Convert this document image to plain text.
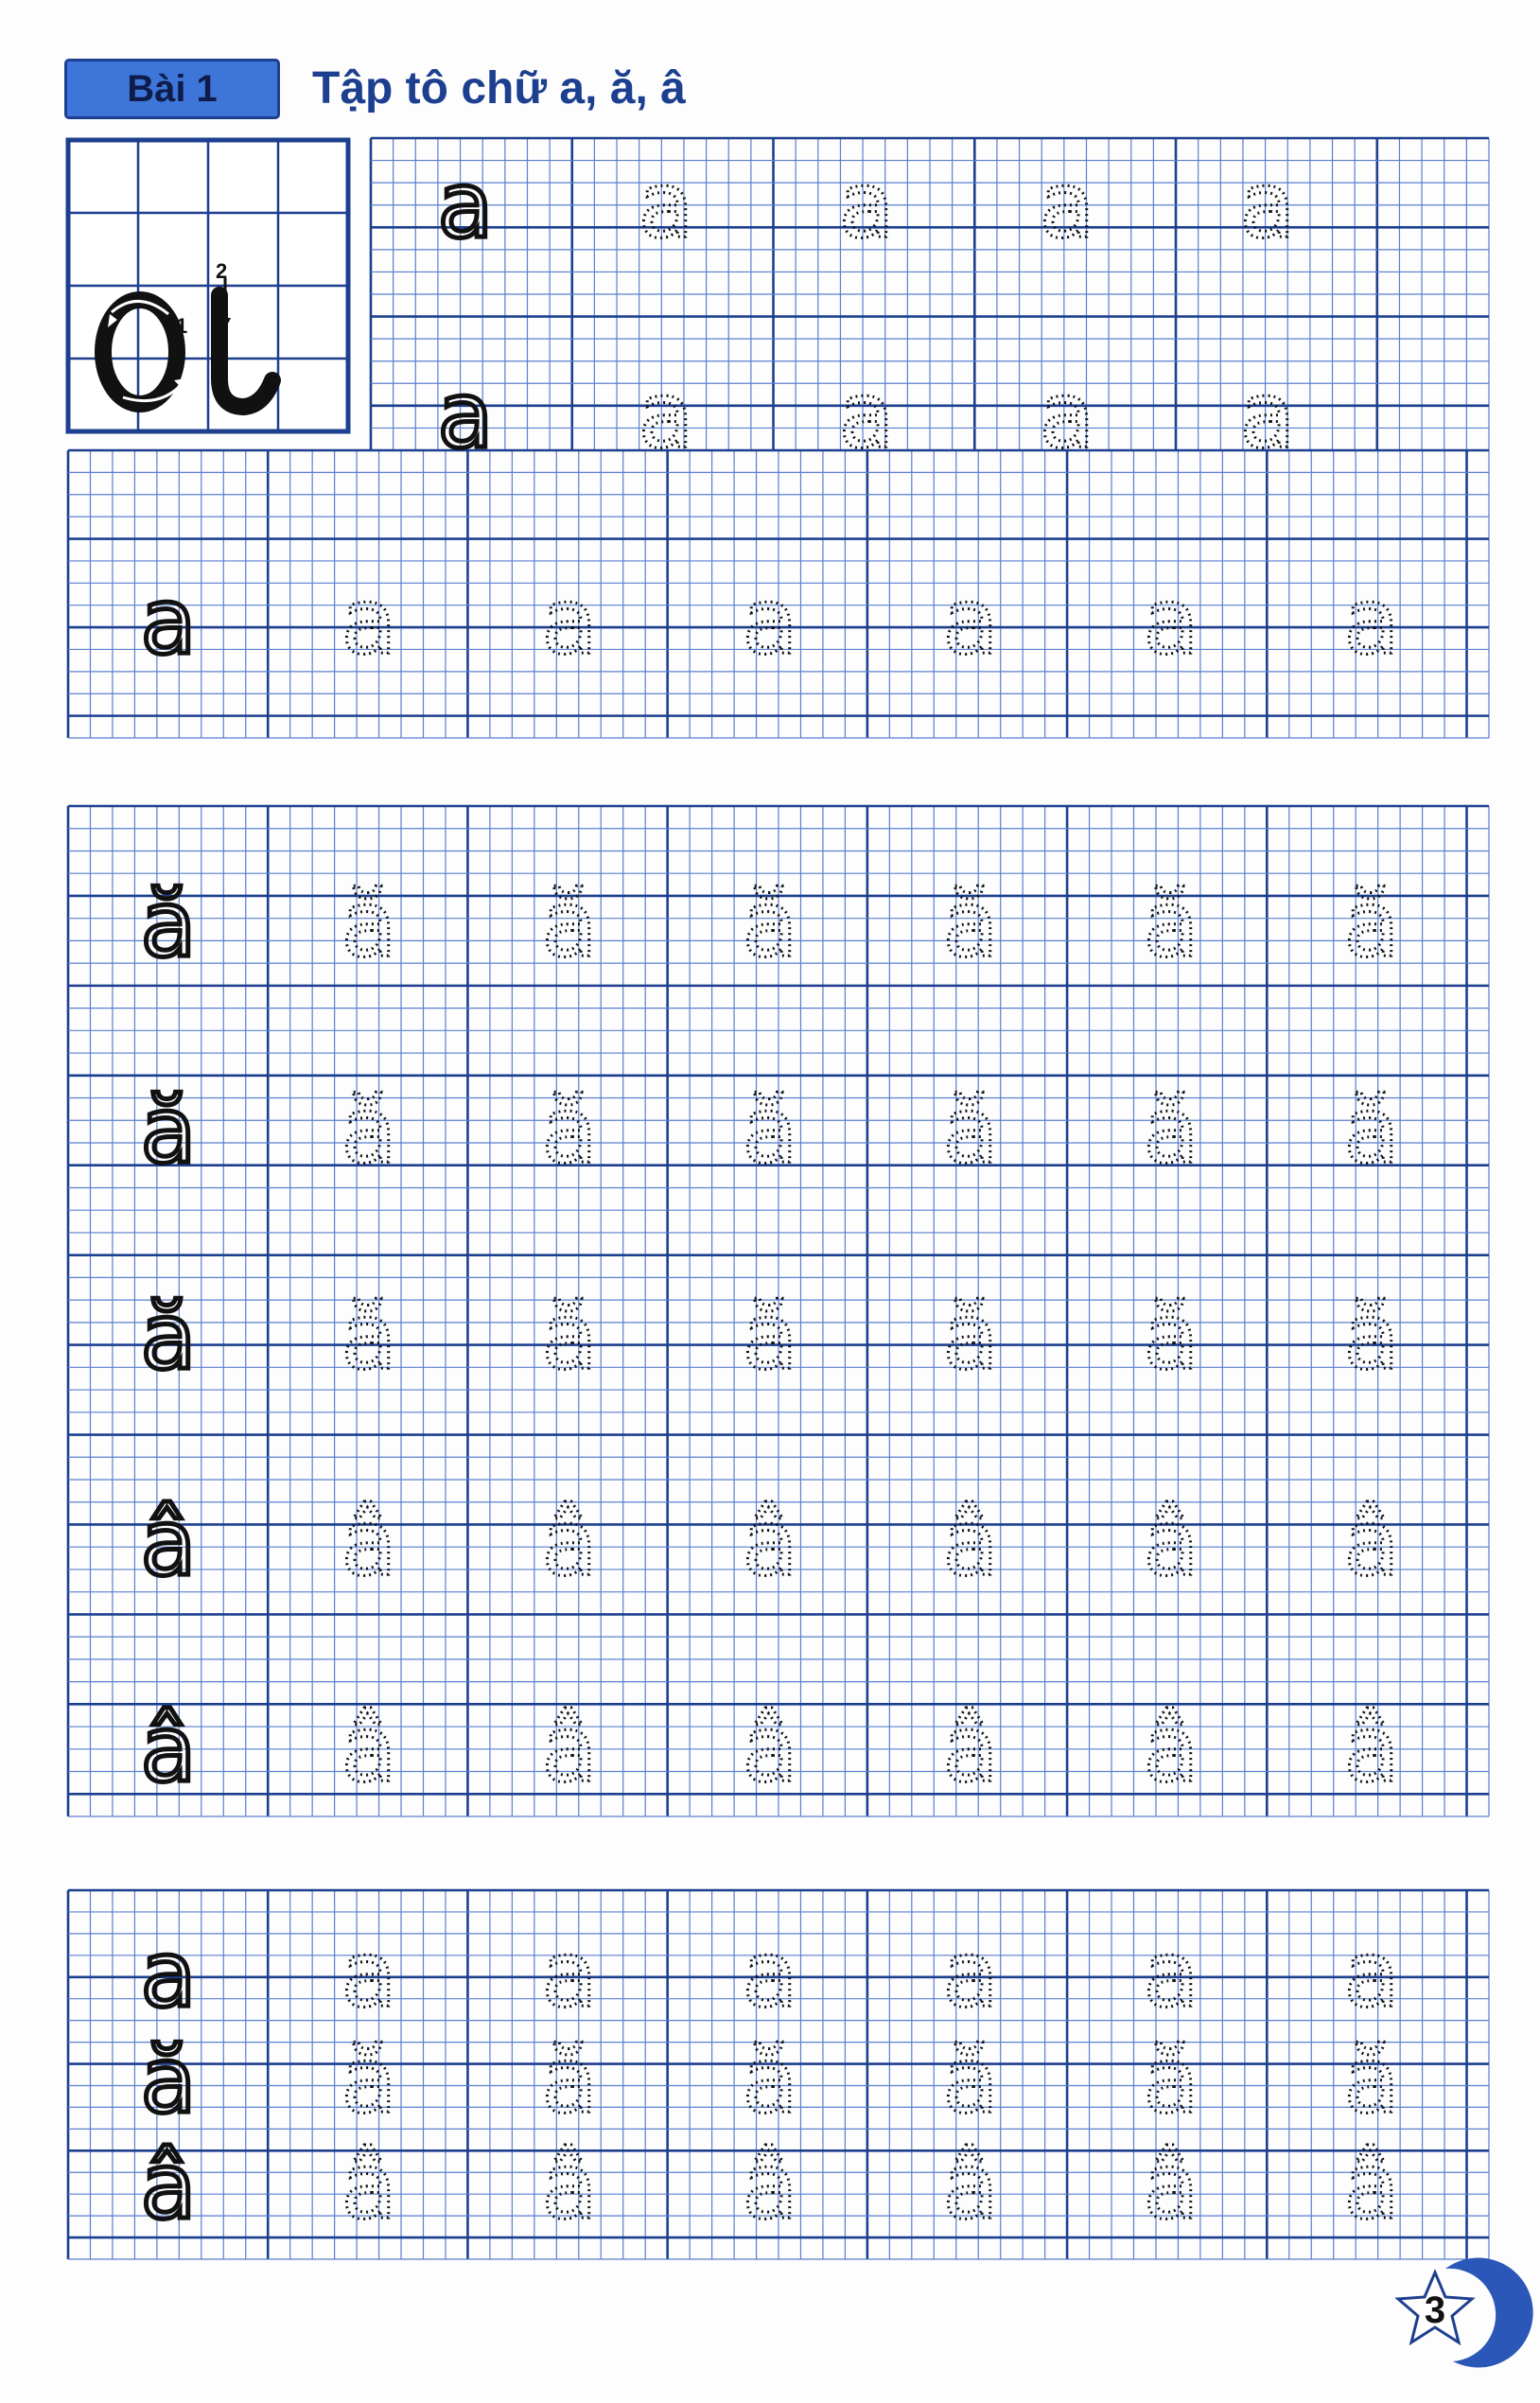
Bài 1	Tập tô chữ a, ă, â
1
2
a a a a a
a a a a a
a a a a a a a
ă ă ă ă ă ă ă
ă ă ă ă ă ă ă
ă ă ă ă ă ă ă
â â â â â â â
â â â â â â â
a a a a a a a
ă ă ă ă ă ă ă
â â â â â â â
3
